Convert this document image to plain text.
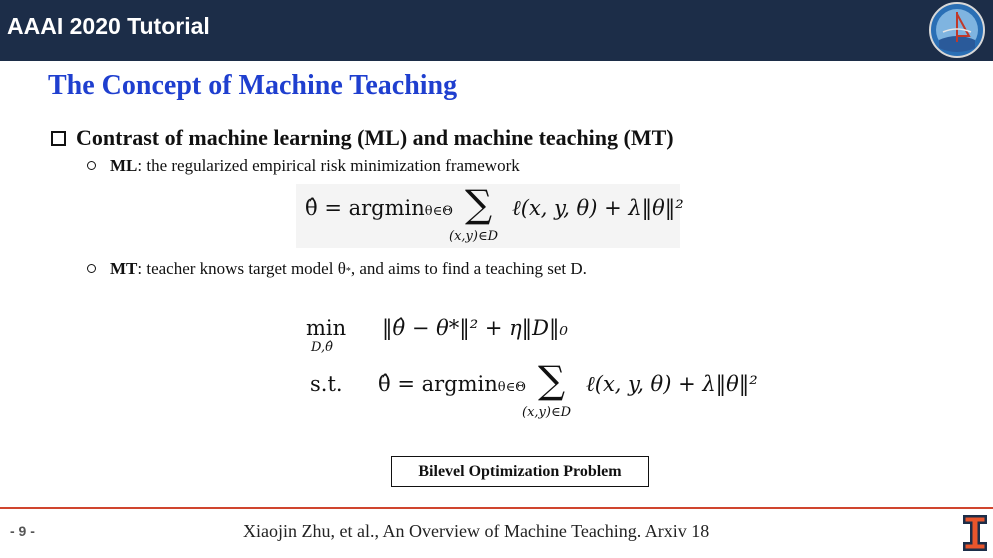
AAAI 2020 Tutorial
The Concept of Machine Teaching
Contrast of machine learning (ML) and machine teaching (MT)
ML : the regularized empirical risk minimization framework
θ̂ = argminθ∈Θ ∑
(x,y)∈D
ℓ(x, y, θ) + λ‖θ‖²
MT : teacher knows target model θ * , and aims to find a teaching set D.
min
D,θ̂
‖θ̂ − θ*‖² + η‖D‖₀
s.t. θ̂ = argminθ∈Θ ∑
(x,y)∈D
ℓ(x, y, θ) + λ‖θ‖²
Bilevel Optimization Problem
- 9 -	Xiaojin Zhu, et al., An Overview of Machine Teaching. Arxiv 18
